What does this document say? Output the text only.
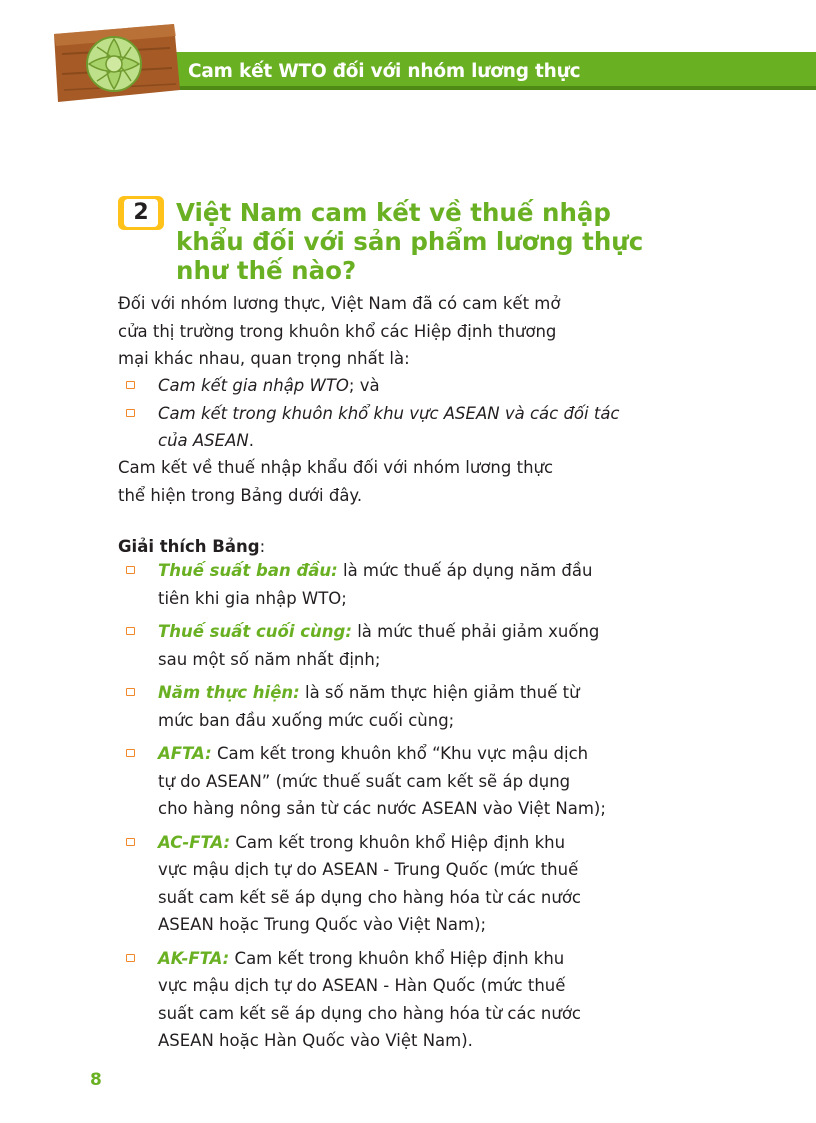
Cam kết WTO đối với nhóm lương thực
2	Việt Nam cam kết về thuế nhập
khẩu đối với sản phẩm lương thực
như thế nào?

Đối với nhóm lương thực, Việt Nam đã có cam kết mở
cửa thị trường trong khuôn khổ các Hiệp định thương
mại khác nhau, quan trọng nhất là:

Cam kết gia nhập WTO; và
Cam kết trong khuôn khổ khu vực ASEAN và các đối tác
của ASEAN.

Cam kết về thuế nhập khẩu đối với nhóm lương thực
thể hiện trong Bảng dưới đây.

Giải thích Bảng:

Thuế suất ban đầu: là mức thuế áp dụng năm đầu
tiên khi gia nhập WTO;
Thuế suất cuối cùng: là mức thuế phải giảm xuống
sau một số năm nhất định;
Năm thực hiện: là số năm thực hiện giảm thuế từ
mức ban đầu xuống mức cuối cùng;
AFTA: Cam kết trong khuôn khổ “Khu vực mậu dịch
tự do ASEAN” (mức thuế suất cam kết sẽ áp dụng
cho hàng nông sản từ các nước ASEAN vào Việt Nam);
AC-FTA: Cam kết trong khuôn khổ Hiệp định khu
vực mậu dịch tự do ASEAN - Trung Quốc (mức thuế
suất cam kết sẽ áp dụng cho hàng hóa từ các nước
ASEAN hoặc Trung Quốc vào Việt Nam);
AK-FTA: Cam kết trong khuôn khổ Hiệp định khu
vực mậu dịch tự do ASEAN - Hàn Quốc (mức thuế
suất cam kết sẽ áp dụng cho hàng hóa từ các nước
ASEAN hoặc Hàn Quốc vào Việt Nam).
8
